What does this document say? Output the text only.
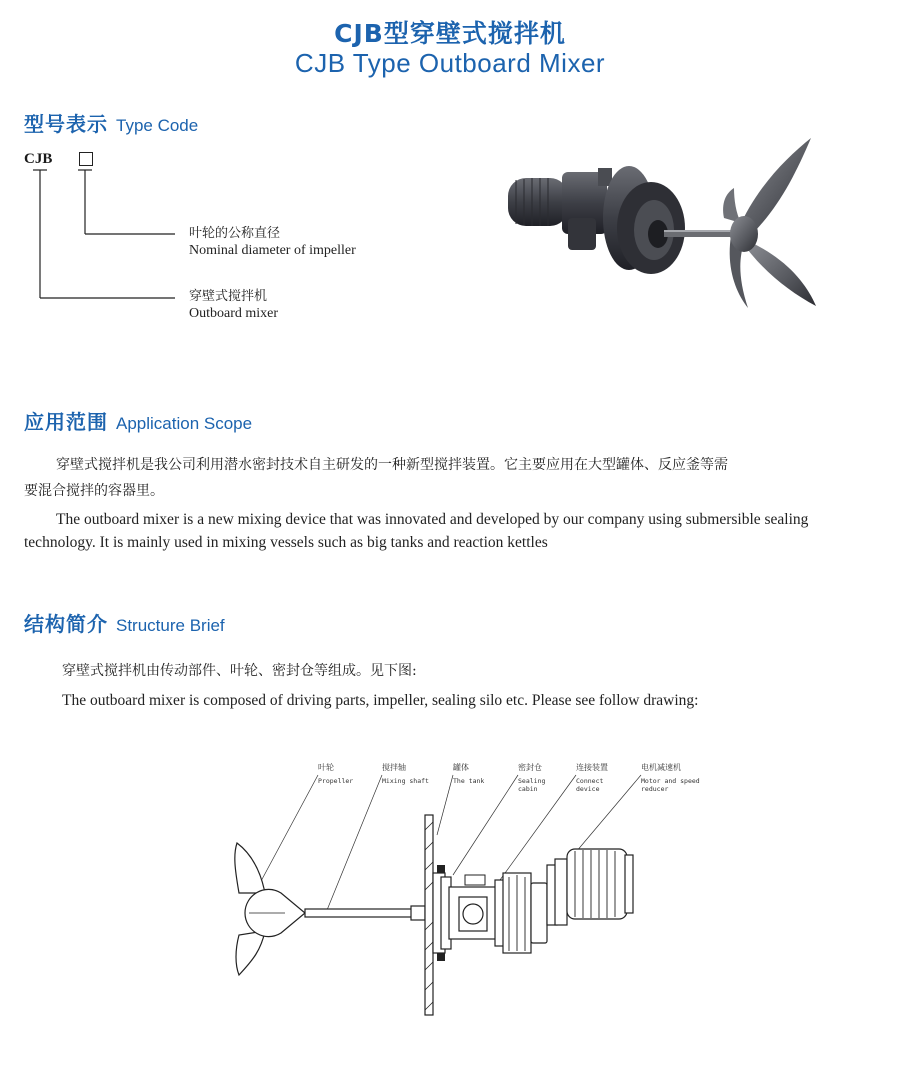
CJB型穿壁式搅拌机
CJB Type Outboard Mixer
型号表示 Type Code
CJB
叶轮的公称直径
Nominal diameter of impeller
穿壁式搅拌机
Outboard mixer
应用范围 Application Scope
穿壁式搅拌机是我公司利用潜水密封技术自主研发的一种新型搅拌装置。它主要应用在大型罐体、反应釜等需
要混合搅拌的容器里。
The outboard mixer is a new mixing device that was innovated and developed by our company using submersible sealing
technology. It is mainly used in mixing vessels such as big tanks and reaction kettles
结构简介 Structure Brief
穿壁式搅拌机由传动部件、叶轮、密封仓等组成。见下图:
The outboard mixer is composed of driving parts, impeller, sealing silo etc. Please see follow drawing:
叶轮
Propeller
搅拌轴
Mixing shaft
罐体
The tank
密封仓
Sealing cabin
连接装置
Connect device
电机减速机
Motor and speed reducer
